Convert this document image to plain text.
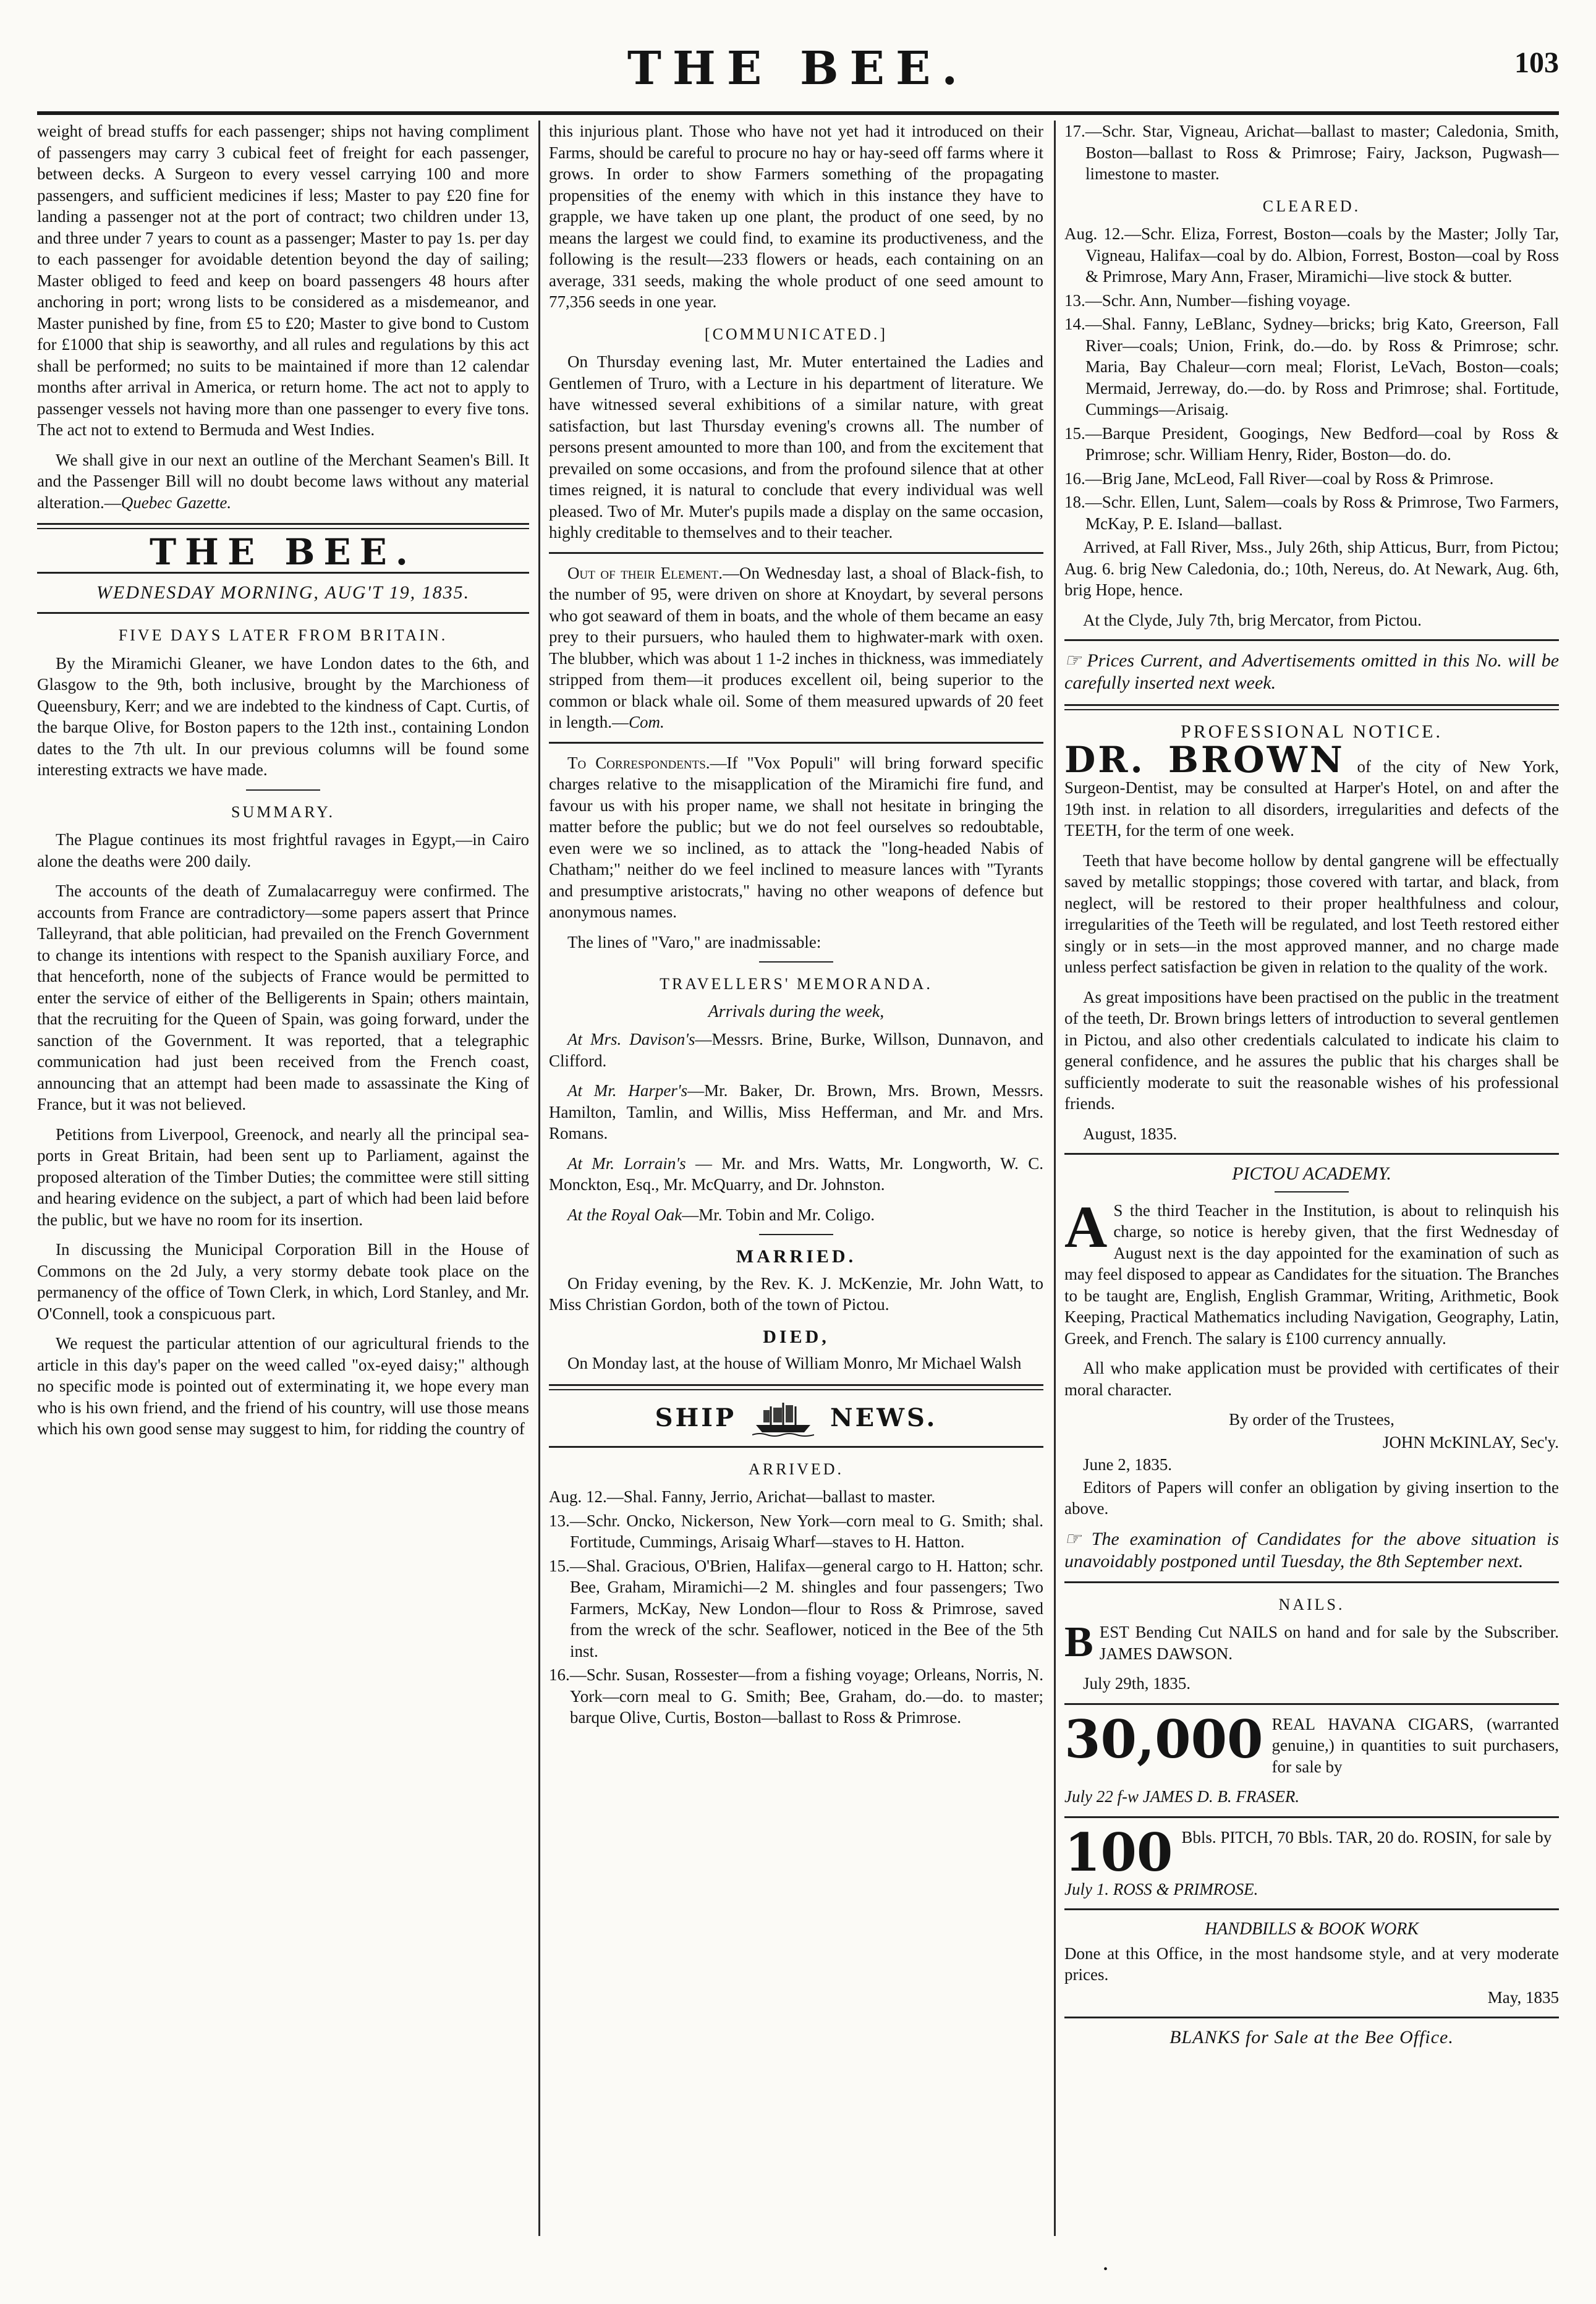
THE BEE.	103

weight of bread stuffs for each passenger; ships not having compliment of passengers may carry 3 cubical feet of freight for each passenger, between decks. A Surgeon to every vessel carrying 100 and more passengers, and sufficient medicines if less; Master to pay £20 fine for landing a passenger not at the port of contract; two children under 13, and three under 7 years to count as a passenger; Master to pay 1s. per day to each passenger for avoidable detention beyond the day of sailing; Master obliged to feed and keep on board passengers 48 hours after anchoring in port; wrong lists to be considered as a misdemeanor, and Master punished by fine, from £5 to £20; Master to give bond to Custom for £1000 that ship is seaworthy, and all rules and regulations by this act shall be performed; no suits to be maintained if more than 12 calendar months after arrival in America, or return home. The act not to apply to passenger vessels not having more than one passenger to every five tons. The act not to extend to Bermuda and West Indies.

We shall give in our next an outline of the Merchant Seamen's Bill. It and the Passenger Bill will no doubt become laws without any material alteration.—Quebec Gazette.

THE BEE.
WEDNESDAY MORNING, AUG'T 19, 1835.
FIVE DAYS LATER FROM BRITAIN.

By the Miramichi Gleaner, we have London dates to the 6th, and Glasgow to the 9th, both inclusive, brought by the Marchioness of Queensbury, Kerr; and we are indebted to the kindness of Capt. Curtis, of the barque Olive, for Boston papers to the 12th inst., containing London dates to the 7th ult. In our previous columns will be found some interesting extracts we have made.

SUMMARY.

The Plague continues its most frightful ravages in Egypt,—in Cairo alone the deaths were 200 daily.

The accounts of the death of Zumalacarreguy were confirmed. The accounts from France are contradictory—some papers assert that Prince Talleyrand, that able politician, had prevailed on the French Government to change its intentions with respect to the Spanish auxiliary Force, and that henceforth, none of the subjects of France would be permitted to enter the service of either of the Belligerents in Spain; others maintain, that the recruiting for the Queen of Spain, was going forward, under the sanction of the Government. It was reported, that a telegraphic communication had just been received from the French coast, announcing that an attempt had been made to assassinate the King of France, but it was not believed.

Petitions from Liverpool, Greenock, and nearly all the principal sea-ports in Great Britain, had been sent up to Parliament, against the proposed alteration of the Timber Duties; the committee were still sitting and hearing evidence on the subject, a part of which had been laid before the public, but we have no room for its insertion.

In discussing the Municipal Corporation Bill in the House of Commons on the 2d July, a very stormy debate took place on the permanency of the office of Town Clerk, in which, Lord Stanley, and Mr. O'Connell, took a conspicuous part.

We request the particular attention of our agricultural friends to the article in this day's paper on the weed called "ox-eyed daisy;" although no specific mode is pointed out of exterminating it, we hope every man who is his own friend, and the friend of his country, will use those means which his own good sense may suggest to him, for ridding the country of

this injurious plant. Those who have not yet had it introduced on their Farms, should be careful to procure no hay or hay-seed off farms where it grows. In order to show Farmers something of the propagating propensities of the enemy with which in this instance they have to grapple, we have taken up one plant, the product of one seed, by no means the largest we could find, to examine its productiveness, and the following is the result—233 flowers or heads, each containing on an average, 331 seeds, making the whole product of one seed amount to 77,356 seeds in one year.

[COMMUNICATED.]

On Thursday evening last, Mr. Muter entertained the Ladies and Gentlemen of Truro, with a Lecture in his department of literature. We have witnessed several exhibitions of a similar nature, with great satisfaction, but last Thursday evening's crowns all. The number of persons present amounted to more than 100, and from the excitement that prevailed on some occasions, and from the profound silence that at other times reigned, it is natural to conclude that every individual was well pleased. Two of Mr. Muter's pupils made a display on the same occasion, highly creditable to themselves and to their teacher.

Out of their Element.—On Wednesday last, a shoal of Black-fish, to the number of 95, were driven on shore at Knoydart, by several persons who got seaward of them in boats, and the whole of them became an easy prey to their pursuers, who hauled them to highwater-mark with oxen. The blubber, which was about 1 1-2 inches in thickness, was immediately stripped from them—it produces excellent oil, being superior to the common or black whale oil. Some of them measured upwards of 20 feet in length.—Com.

To Correspondents.—If "Vox Populi" will bring forward specific charges relative to the misapplication of the Miramichi fire fund, and favour us with his proper name, we shall not hesitate in bringing the matter before the public; but we do not feel ourselves so redoubtable, even were we so inclined, as to attack the "long-headed Nabis of Chatham;" neither do we feel inclined to measure lances with "Tyrants and presumptive aristocrats," having no other weapons of defence but anonymous names.

The lines of "Varo," are inadmissable:

TRAVELLERS' MEMORANDA.
Arrivals during the week,

At Mrs. Davison's—Messrs. Brine, Burke, Willson, Dunnavon, and Clifford.

At Mr. Harper's—Mr. Baker, Dr. Brown, Mrs. Brown, Messrs. Hamilton, Tamlin, and Willis, Miss Hefferman, and Mr. and Mrs. Romans.

At Mr. Lorrain's — Mr. and Mrs. Watts, Mr. Longworth, W. C. Monckton, Esq., Mr. McQuarry, and Dr. Johnston.

At the Royal Oak—Mr. Tobin and Mr. Coligo.

MARRIED.

On Friday evening, by the Rev. K. J. McKenzie, Mr. John Watt, to Miss Christian Gordon, both of the town of Pictou.

DIED,

On Monday last, at the house of William Monro, Mr Michael Walsh

SHIP	NEWS.
ARRIVED.

Aug. 12.—Shal. Fanny, Jerrio, Arichat—ballast to master.

13.—Schr. Oncko, Nickerson, New York—corn meal to G. Smith; shal. Fortitude, Cummings, Arisaig Wharf—staves to H. Hatton.

15.—Shal. Gracious, O'Brien, Halifax—general cargo to H. Hatton; schr. Bee, Graham, Miramichi—2 M. shingles and four passengers; Two Farmers, McKay, New London—flour to Ross & Primrose, saved from the wreck of the schr. Seaflower, noticed in the Bee of the 5th inst.

16.—Schr. Susan, Rossester—from a fishing voyage; Orleans, Norris, N. York—corn meal to G. Smith; Bee, Graham, do.—do. to master; barque Olive, Curtis, Boston—ballast to Ross & Primrose.

17.—Schr. Star, Vigneau, Arichat—ballast to master; Caledonia, Smith, Boston—ballast to Ross & Primrose; Fairy, Jackson, Pugwash—limestone to master.

CLEARED.

Aug. 12.—Schr. Eliza, Forrest, Boston—coals by the Master; Jolly Tar, Vigneau, Halifax—coal by do. Albion, Forrest, Boston—coal by Ross & Primrose, Mary Ann, Fraser, Miramichi—live stock & butter.

13.—Schr. Ann, Number—fishing voyage.

14.—Shal. Fanny, LeBlanc, Sydney—bricks; brig Kato, Greerson, Fall River—coals; Union, Frink, do.—do. by Ross & Primrose; schr. Maria, Bay Chaleur—corn meal; Florist, LeVach, Boston—coals; Mermaid, Jerreway, do.—do. by Ross and Primrose; shal. Fortitude, Cummings—Arisaig.

15.—Barque President, Googings, New Bedford—coal by Ross & Primrose; schr. William Henry, Rider, Boston—do. do.

16.—Brig Jane, McLeod, Fall River—coal by Ross & Primrose.

18.—Schr. Ellen, Lunt, Salem—coals by Ross & Primrose, Two Farmers, McKay, P. E. Island—ballast.

Arrived, at Fall River, Mss., July 26th, ship Atticus, Burr, from Pictou; Aug. 6. brig New Caledonia, do.; 10th, Nereus, do. At Newark, Aug. 6th, brig Hope, hence.

At the Clyde, July 7th, brig Mercator, from Pictou.

☞ Prices Current, and Advertisements omitted in this No. will be carefully inserted next week.

PROFESSIONAL NOTICE.

DR. BROWN of the city of New York, Surgeon-Dentist, may be consulted at Harper's Hotel, on and after the 19th inst. in relation to all disorders, irregularities and defects of the TEETH, for the term of one week.

Teeth that have become hollow by dental gangrene will be effectually saved by metallic stoppings; those covered with tartar, and black, from neglect, will be restored to their proper healthfulness and colour, irregularities of the Teeth will be regulated, and lost Teeth restored either singly or in sets—in the most approved manner, and no charge made unless perfect satisfaction be given in relation to the quality of the work.

As great impositions have been practised on the public in the treatment of the teeth, Dr. Brown brings letters of introduction to several gentlemen in Pictou, and also other credentials calculated to indicate his claim to general confidence, and he assures the public that his charges shall be sufficiently moderate to suit the reasonable wishes of his professional friends.

August, 1835.

PICTOU ACADEMY.

A S the third Teacher in the Institution, is about to relinquish his charge, so notice is hereby given, that the first Wednesday of August next is the day appointed for the examination of such as may feel disposed to appear as Candidates for the situation. The Branches to be taught are, English, English Grammar, Writing, Arithmetic, Book Keeping, Practical Mathematics including Navigation, Geography, Latin, Greek, and French. The salary is £100 currency annually.

All who make application must be provided with certificates of their moral character.

By order of the Trustees,

JOHN McKINLAY, Sec'y.

June 2, 1835.

Editors of Papers will confer an obligation by giving insertion to the above.

☞ The examination of Candidates for the above situation is unavoidably postponed until Tuesday, the 8th September next.

NAILS.

BEST Bending Cut NAILS on hand and for sale by the Subscriber. JAMES DAWSON.

July 29th, 1835.

30,000 REAL HAVANA CIGARS, (warranted genuine,) in quantities to suit purchasers, for sale by

July 22 f-w JAMES D. B. FRASER.

100 Bbls. PITCH, 70 Bbls. TAR, 20 do. ROSIN, for sale by

July 1. ROSS & PRIMROSE.

HANDBILLS & BOOK WORK

Done at this Office, in the most handsome style, and at very moderate prices.

May, 1835

BLANKS for Sale at the Bee Office.
•
